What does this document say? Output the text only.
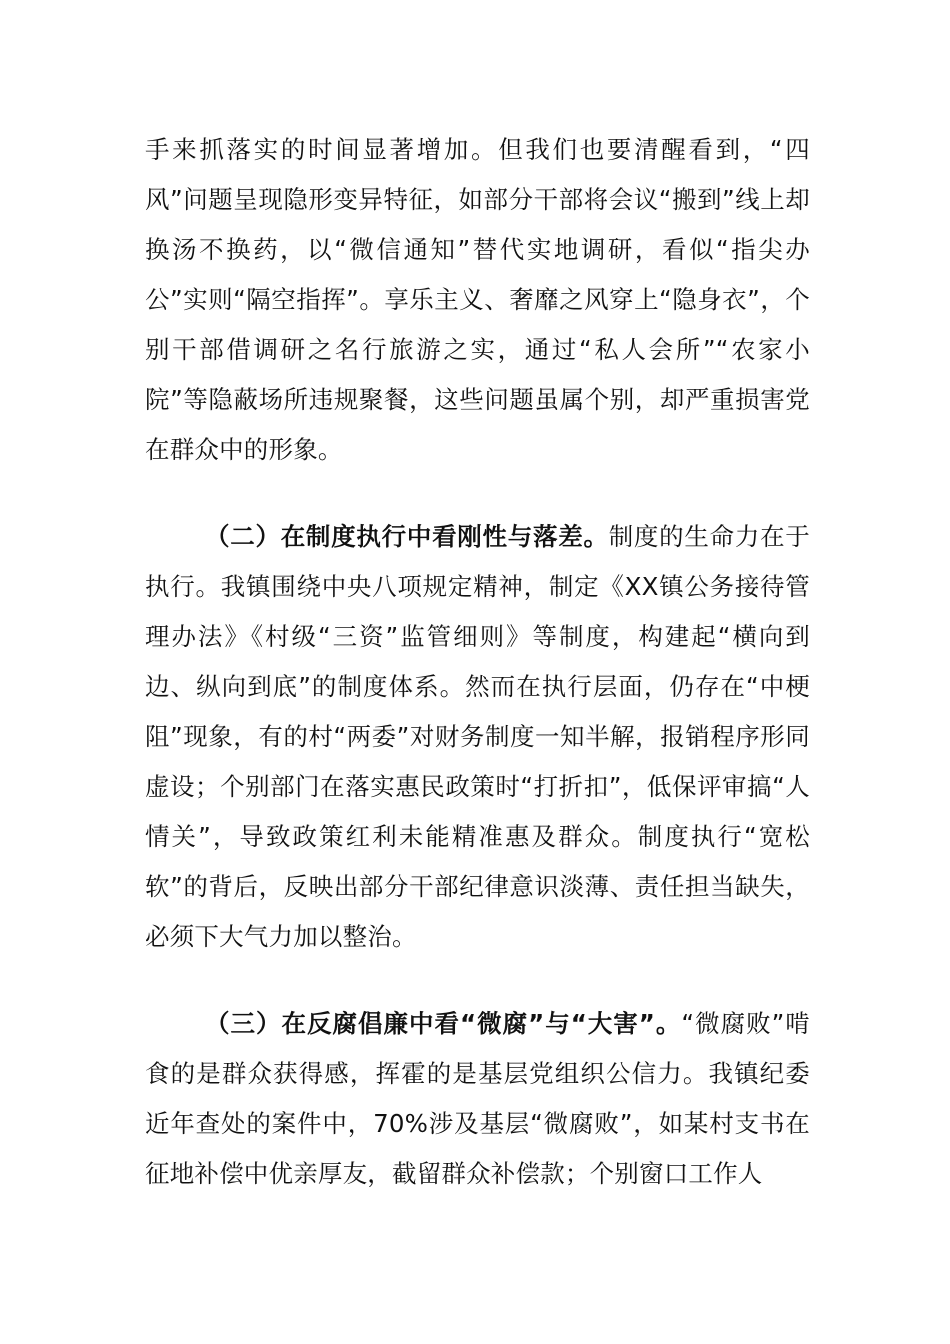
手来抓落实的时间显著增加。但我们也要清醒看到，“四风”问题呈现隐形变异特征，如部分干部将会议“搬到”线上却换汤不换药，以“微信通知”替代实地调研，看似“指尖办公”实则“隔空指挥”。享乐主义、奢靡之风穿上“隐身衣”，个别干部借调研之名行旅游之实，通过“私人会所”“农家小院”等隐蔽场所违规聚餐，这些问题虽属个别，却严重损害党在群众中的形象。

（二）在制度执行中看刚性与落差。制度的生命力在于执行。我镇围绕中央八项规定精神，制定《XX镇公务接待管理办法》《村级“三资”监管细则》等制度，构建起“横向到边、纵向到底”的制度体系。然而在执行层面，仍存在“中梗阻”现象，有的村“两委”对财务制度一知半解，报销程序形同虚设；个别部门在落实惠民政策时“打折扣”，低保评审搞“人情关”，导致政策红利未能精准惠及群众。制度执行“宽松软”的背后，反映出部分干部纪律意识淡薄、责任担当缺失，必须下大气力加以整治。

（三）在反腐倡廉中看“微腐”与“大害”。“微腐败”啃食的是群众获得感，挥霍的是基层党组织公信力。我镇纪委近年查处的案件中，70%涉及基层“微腐败”，如某村支书在征地补偿中优亲厚友，截留群众补偿款；个别窗口工作人
